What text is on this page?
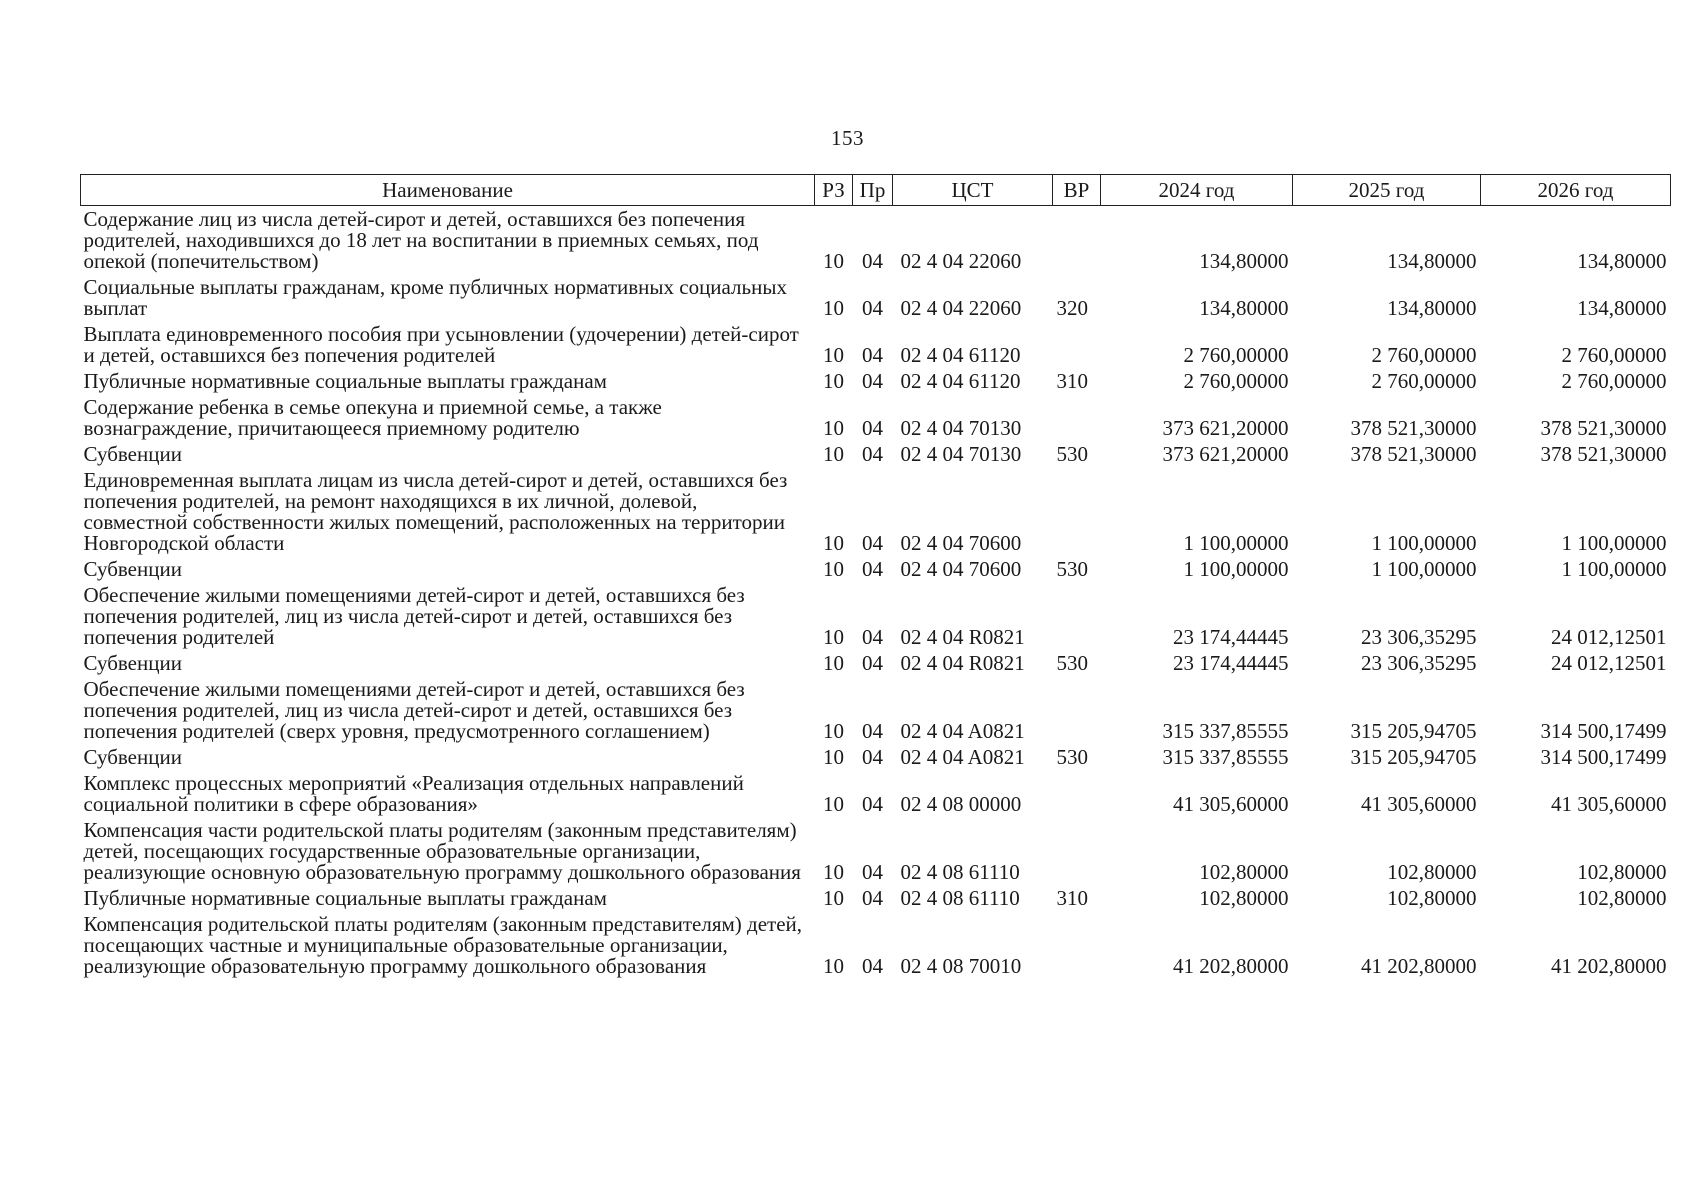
153
Наименование	РЗ	Пр	ЦСТ	ВР	2024 год	2025 год	2026 год
Содержание лиц из числа детей-сирот и детей, оставшихся без попечения родителей, находившихся до 18 лет на воспитании в приемных семьях, под опекой (попечительством)	10	04	02 4 04 22060		134,80000	134,80000	134,80000
Социальные выплаты гражданам, кроме публичных нормативных социальных выплат	10	04	02 4 04 22060	320	134,80000	134,80000	134,80000
Выплата единовременного пособия при усыновлении (удочерении) детей-сирот и детей, оставшихся без попечения родителей	10	04	02 4 04 61120		2 760,00000	2 760,00000	2 760,00000
Публичные нормативные социальные выплаты гражданам	10	04	02 4 04 61120	310	2 760,00000	2 760,00000	2 760,00000
Содержание ребенка в семье опекуна и приемной семье, а также вознаграждение, причитающееся приемному родителю	10	04	02 4 04 70130		373 621,20000	378 521,30000	378 521,30000
Субвенции	10	04	02 4 04 70130	530	373 621,20000	378 521,30000	378 521,30000
Единовременная выплата лицам из числа детей-сирот и детей, оставшихся без попечения родителей, на ремонт находящихся в их личной, долевой, совместной собственности жилых помещений, расположенных на территории Новгородской области	10	04	02 4 04 70600		1 100,00000	1 100,00000	1 100,00000
Субвенции	10	04	02 4 04 70600	530	1 100,00000	1 100,00000	1 100,00000
Обеспечение жилыми помещениями детей-сирот и детей, оставшихся без попечения родителей, лиц из числа детей-сирот и детей, оставшихся без попечения родителей	10	04	02 4 04 R0821		23 174,44445	23 306,35295	24 012,12501
Субвенции	10	04	02 4 04 R0821	530	23 174,44445	23 306,35295	24 012,12501
Обеспечение жилыми помещениями детей-сирот и детей, оставшихся без попечения родителей, лиц из числа детей-сирот и детей, оставшихся без попечения родителей (сверх уровня, предусмотренного соглашением)	10	04	02 4 04 A0821		315 337,85555	315 205,94705	314 500,17499
Субвенции	10	04	02 4 04 A0821	530	315 337,85555	315 205,94705	314 500,17499
Комплекс процессных мероприятий «Реализация отдельных направлений социальной политики в сфере образования»	10	04	02 4 08 00000		41 305,60000	41 305,60000	41 305,60000
Компенсация части родительской платы родителям (законным представителям) детей, посещающих государственные образовательные организации, реализующие основную образовательную программу дошкольного образования	10	04	02 4 08 61110		102,80000	102,80000	102,80000
Публичные нормативные социальные выплаты гражданам	10	04	02 4 08 61110	310	102,80000	102,80000	102,80000
Компенсация родительской платы родителям (законным представителям) детей, посещающих частные и муниципальные образовательные организации, реализующие образовательную программу дошкольного образования	10	04	02 4 08 70010		41 202,80000	41 202,80000	41 202,80000
